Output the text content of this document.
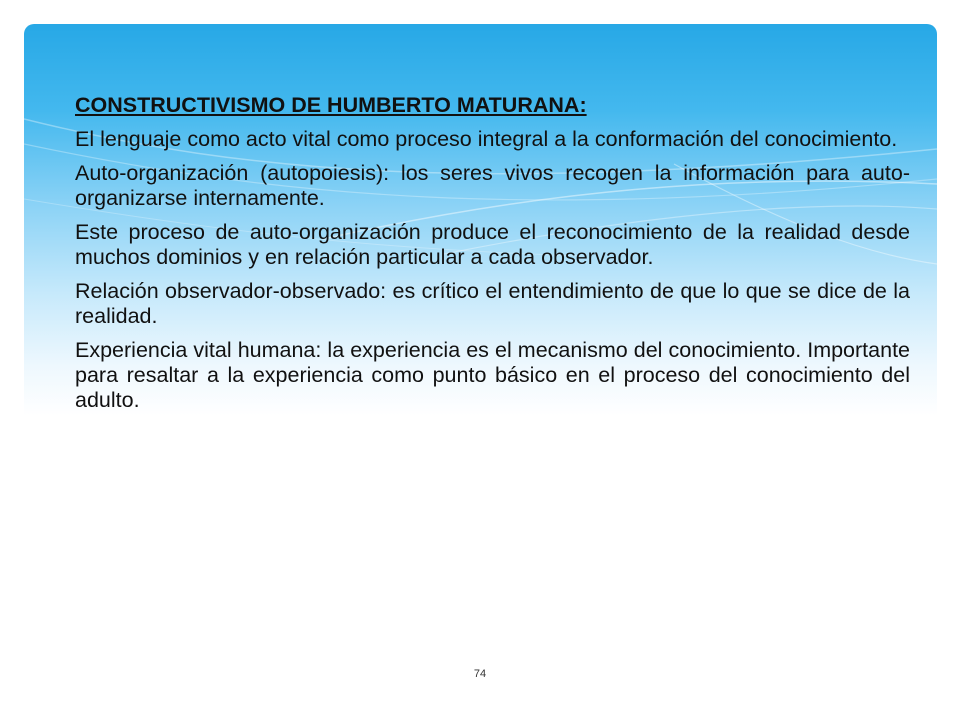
CONSTRUCTIVISMO DE HUMBERTO MATURANA:
El lenguaje como acto vital como proceso integral a la conformación del conocimiento.
Auto-organización (autopoiesis): los seres vivos recogen la información para auto-organizarse internamente.
Este proceso de auto-organización produce el reconocimiento de la realidad desde muchos dominios y en relación particular a cada observador.
Relación observador-observado: es crítico el entendimiento de que lo que se dice de la realidad.
Experiencia vital humana: la experiencia es el mecanismo del conocimiento. Importante para resaltar a la experiencia como punto básico en el proceso del conocimiento del adulto.
74
